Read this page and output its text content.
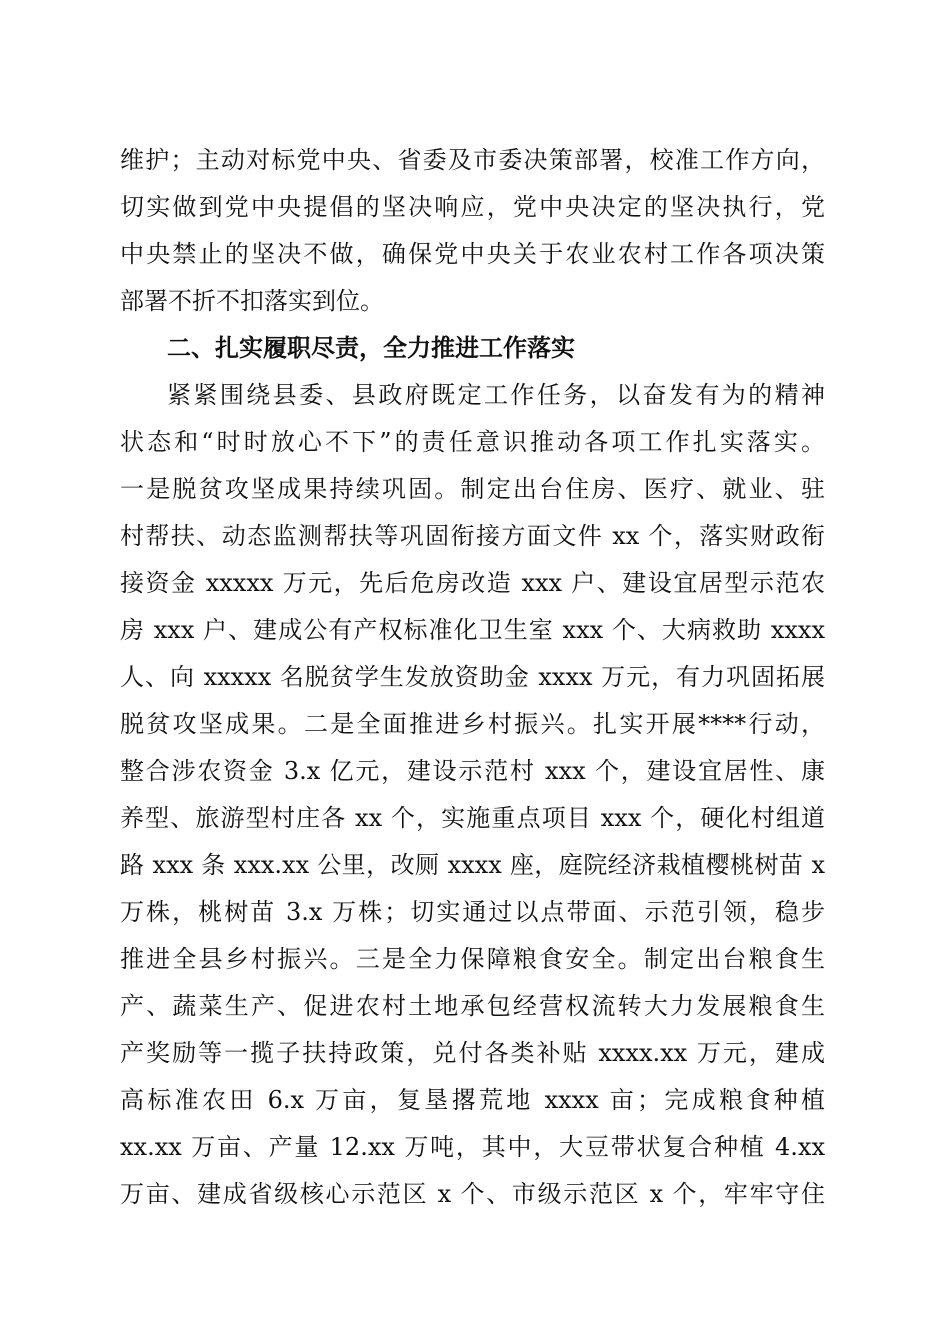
维护；主动对标党中央、省委及市委决策部署，校准工作方向，
切实做到党中央提倡的坚决响应，党中央决定的坚决执行，党
中央禁止的坚决不做，确保党中央关于农业农村工作各项决策
部署不折不扣落实到位。
二、扎实履职尽责，全力推进工作落实
紧紧围绕县委、县政府既定工作任务，以奋发有为的精神
状态和“时时放心不下”的责任意识推动各项工作扎实落实。
一是脱贫攻坚成果持续巩固。制定出台住房、医疗、就业、驻
村帮扶、动态监测帮扶等巩固衔接方面文件 xx 个，落实财政衔
接资金 xxxxx 万元，先后危房改造 xxx 户、建设宜居型示范农
房 xxx 户、建成公有产权标准化卫生室 xxx 个、大病救助 xxxx
人、向 xxxxx 名脱贫学生发放资助金 xxxx 万元，有力巩固拓展
脱贫攻坚成果。二是全面推进乡村振兴。扎实开展****行动，
整合涉农资金 3.x 亿元，建设示范村 xxx 个，建设宜居性、康
养型、旅游型村庄各 xx 个，实施重点项目 xxx 个，硬化村组道
路 xxx 条 xxx.xx 公里，改厕 xxxx 座，庭院经济栽植樱桃树苗 x
万株，桃树苗 3.x 万株；切实通过以点带面、示范引领，稳步
推进全县乡村振兴。三是全力保障粮食安全。制定出台粮食生
产、蔬菜生产、促进农村土地承包经营权流转大力发展粮食生
产奖励等一揽子扶持政策，兑付各类补贴 xxxx.xx 万元，建成
高标准农田 6.x 万亩，复垦撂荒地 xxxx 亩；完成粮食种植
xx.xx 万亩、产量 12.xx 万吨，其中，大豆带状复合种植 4.xx
万亩、建成省级核心示范区 x 个、市级示范区 x 个，牢牢守住
